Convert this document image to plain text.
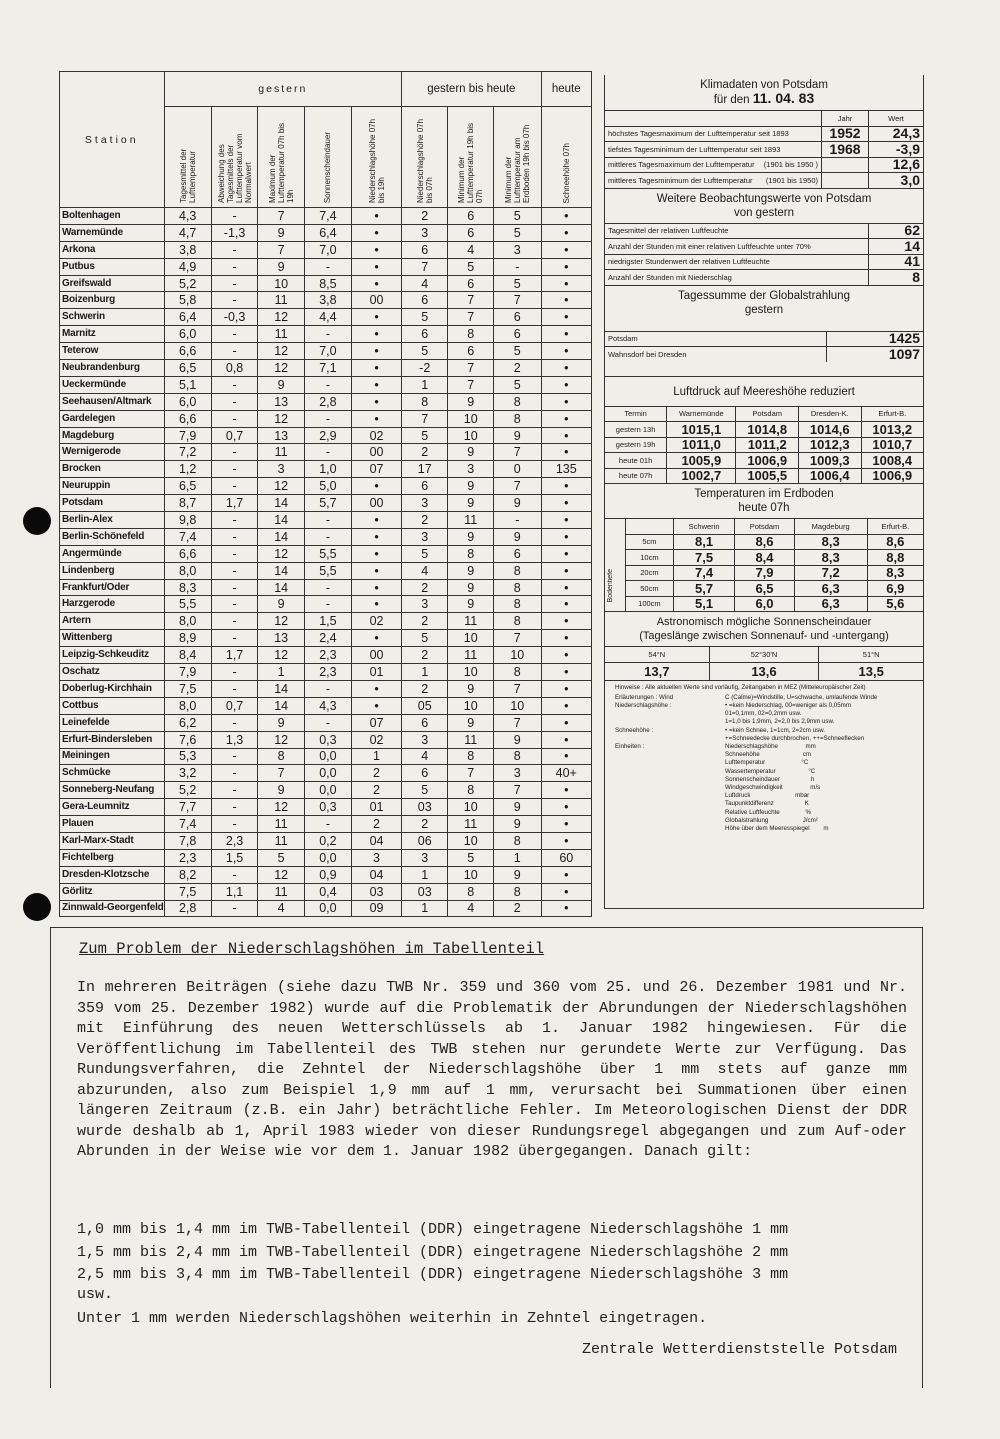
Station	gestern					gestern bis heute			heute
	Tagesmittel der Lufttemperatur	Abweichung des Tagesmittels der Lufttemperatur vom Normalwert	Maximum der Lufttemperatur 07h bis 19h	Sonnenscheindauer	Niederschlagshöhe 07h bis 19h	Niederschlagshöhe 07h bis 07h	Minimum der Lufttemperatur 19h bis 07h	Minimum der Lufttemperatur am Erdboden 19h bis 07h	Schneehöhe 07h
Boltenhagen	4,3	-	7	7,4	•	2	6	5	•
Warnemünde	4,7	-1,3	9	6,4	•	3	6	5	•
Arkona	3,8	-	7	7,0	•	6	4	3	•
Putbus	4,9	-	9	-	•	7	5	-	•
Greifswald	5,2	-	10	8,5	•	4	6	5	•
Boizenburg	5,8	-	11	3,8	00	6	7	7	•
Schwerin	6,4	-0,3	12	4,4	•	5	7	6	•
Marnitz	6,0	-	11	-	•	6	8	6	•
Teterow	6,6	-	12	7,0	•	5	6	5	•
Neubrandenburg	6,5	0,8	12	7,1	•	-2	7	2	•
Ueckermünde	5,1	-	9	-	•	1	7	5	•
Seehausen/Altmark	6,0	-	13	2,8	•	8	9	8	•
Gardelegen	6,6	-	12	-	•	7	10	8	•
Magdeburg	7,9	0,7	13	2,9	02	5	10	9	•
Wernigerode	7,2	-	11	-	00	2	9	7	•
Brocken	1,2	-	3	1,0	07	17	3	0	135
Neuruppin	6,5	-	12	5,0	•	6	9	7	•
Potsdam	8,7	1,7	14	5,7	00	3	9	9	•
Berlin-Alex	9,8	-	14	-	•	2	11	-	•
Berlin-Schönefeld	7,4	-	14	-	•	3	9	9	•
Angermünde	6,6	-	12	5,5	•	5	8	6	•
Lindenberg	8,0	-	14	5,5	•	4	9	8	•
Frankfurt/Oder	8,3	-	14	-	•	2	9	8	•
Harzgerode	5,5	-	9	-	•	3	9	8	•
Artern	8,0	-	12	1,5	02	2	11	8	•
Wittenberg	8,9	-	13	2,4	•	5	10	7	•
Leipzig-Schkeuditz	8,4	1,7	12	2,3	00	2	11	10	•
Oschatz	7,9	-	1	2,3	01	1	10	8	•
Doberlug-Kirchhain	7,5	-	14	-	•	2	9	7	•
Cottbus	8,0	0,7	14	4,3	•	05	10	10	•
Leinefelde	6,2	-	9	-	07	6	9	7	•
Erfurt-Bindersleben	7,6	1,3	12	0,3	02	3	11	9	•
Meiningen	5,3	-	8	0,0	1	4	8	8	•
Schmücke	3,2	-	7	0,0	2	6	7	3	40+
Sonneberg-Neufang	5,2	-	9	0,0	2	5	8	7	•
Gera-Leumnitz	7,7	-	12	0,3	01	03	10	9	•
Plauen	7,4	-	11	-	2	2	11	9	•
Karl-Marx-Stadt	7,8	2,3	11	0,2	04	06	10	8	•
Fichtelberg	2,3	1,5	5	0,0	3	3	5	1	60
Dresden-Klotzsche	8,2	-	12	0,9	04	1	10	9	•
Görlitz	7,5	1,1	11	0,4	03	03	8	8	•
Zinnwald-Georgenfeld	2,8	-	4	0,0	09	1	4	2	•
Klimadaten von Potsdam
für den 11. 04. 83
	Jahr	Wert
höchstes Tagesmaximum der Lufttemperatur seit 1893	1952	24,3
tiefstes Tagesminimum der Lufttemperatur seit 1893	1968	-3,9
mittleres Tagesmaximum der Lufttemperatur (1901 bis 1950 )		12,6
mittleres Tagesminimum der Lufttemperatur (1901 bis 1950)		3,0
Weitere Beobachtungswerte von Potsdam
von gestern
Tagesmittel der relativen Luftfeuchte	62
Anzahl der Stunden mit einer relativen Luftfeuchte unter 70%	14
niedrigster Stundenwert der relativen Luftfeuchte	41
Anzahl der Stunden mit Niederschlag	8
Tagessumme der Globalstrahlung
gestern
Potsdam	1425
Wahnsdorf bei Dresden	1097
Luftdruck auf Meereshöhe reduziert
Termin	Warnemünde	Potsdam	Dresden-K.	Erfurt-B.
gestern 13h	1015,1	1014,8	1014,6	1013,2
gestern 19h	1011,0	1011,2	1012,3	1010,7
heute 01h	1005,9	1006,9	1009,3	1008,4
heute 07h	1002,7	1005,5	1006,4	1006,9
Temperaturen im Erdboden
heute 07h
Bodentiefe
	Schwerin	Potsdam	Magdeburg	Erfurt-B.
5cm	8,1	8,6	8,3	8,6
10cm	7,5	8,4	8,3	8,8
20cm	7,4	7,9	7,2	8,3
50cm	5,7	6,5	6,3	6,9
100cm	5,1	6,0	6,3	5,6
Astronomisch mögliche Sonnenscheindauer
(Tageslänge zwischen Sonnenauf- und -untergang)
54°N	52°30'N	51°N
13,7	13,6	13,5
Hinweise : Alle aktuellen Werte sind vorläufig, Zeitangaben in MEZ (Mitteleuropäischer Zeit)
Erläuterungen : Wind	C (Calme)=Windstille, U=schwache, umlaufende Winde
Niederschlagshöhe :	• =kein Niederschlag, 00=weniger als 0,05mm
01=0,1mm, 02=0,2mm usw.
1=1,0 bis 1,9mm, 2=2,0 bis 2,9mm usw.
Schneehöhe :	• =kein Schnee, 1=1cm, 2=2cm usw.
+=Schneedecke durchbrochen, ++=Schneeflecken
Einheiten :	Niederschlagshöhe                mm
Schneehöhe                         cm
Lufttemperatur                     °C
Wassertemperatur                   °C
Sonnenscheindauer                  h
Windgeschwindigkeit                m/s
Luftdruck                          mbar
Taupunktdifferenz                  K
Relative Luftfeuchte               %
Globalstrahlung                    J/cm²
Höhe über dem Meeresspiegel        m
Zum Problem der Niederschlagshöhen im Tabellenteil
In mehreren Beiträgen (siehe dazu TWB Nr. 359 und 360 vom 25. und 26. Dezember 1981 und Nr. 359 vom 25. Dezember 1982) wurde auf die Problematik der Abrundungen der Niederschlagshöhen mit Einführung des neuen Wetterschlüssels ab 1. Januar 1982 hingewiesen. Für die Veröffentlichung im Tabellenteil des TWB stehen nur gerundete Werte zur Verfügung. Das Rundungsverfahren, die Zehntel der Niederschlagshöhe über 1 mm stets auf ganze mm abzurunden, also zum Beispiel 1,9 mm auf 1 mm, verursacht bei Summationen über einen längeren Zeitraum (z.B. ein Jahr) beträchtliche Fehler. Im Meteorologischen Dienst der DDR wurde deshalb ab 1, April 1983 wieder von dieser Rundungsregel abgegangen und zum Auf-oder Abrunden in der Weise wie vor dem 1. Januar 1982 übergegangen. Danach gilt:
1,0 mm bis 1,4 mm im TWB-Tabellenteil (DDR) eingetragene Niederschlagshöhe 1 mm
1,5 mm bis 2,4 mm im TWB-Tabellenteil (DDR) eingetragene Niederschlagshöhe 2 mm
2,5 mm bis 3,4 mm im TWB-Tabellenteil (DDR) eingetragene Niederschlagshöhe 3 mm
usw.
Unter 1 mm werden Niederschlagshöhen weiterhin in Zehntel eingetragen.
Zentrale Wetterdienststelle Potsdam
